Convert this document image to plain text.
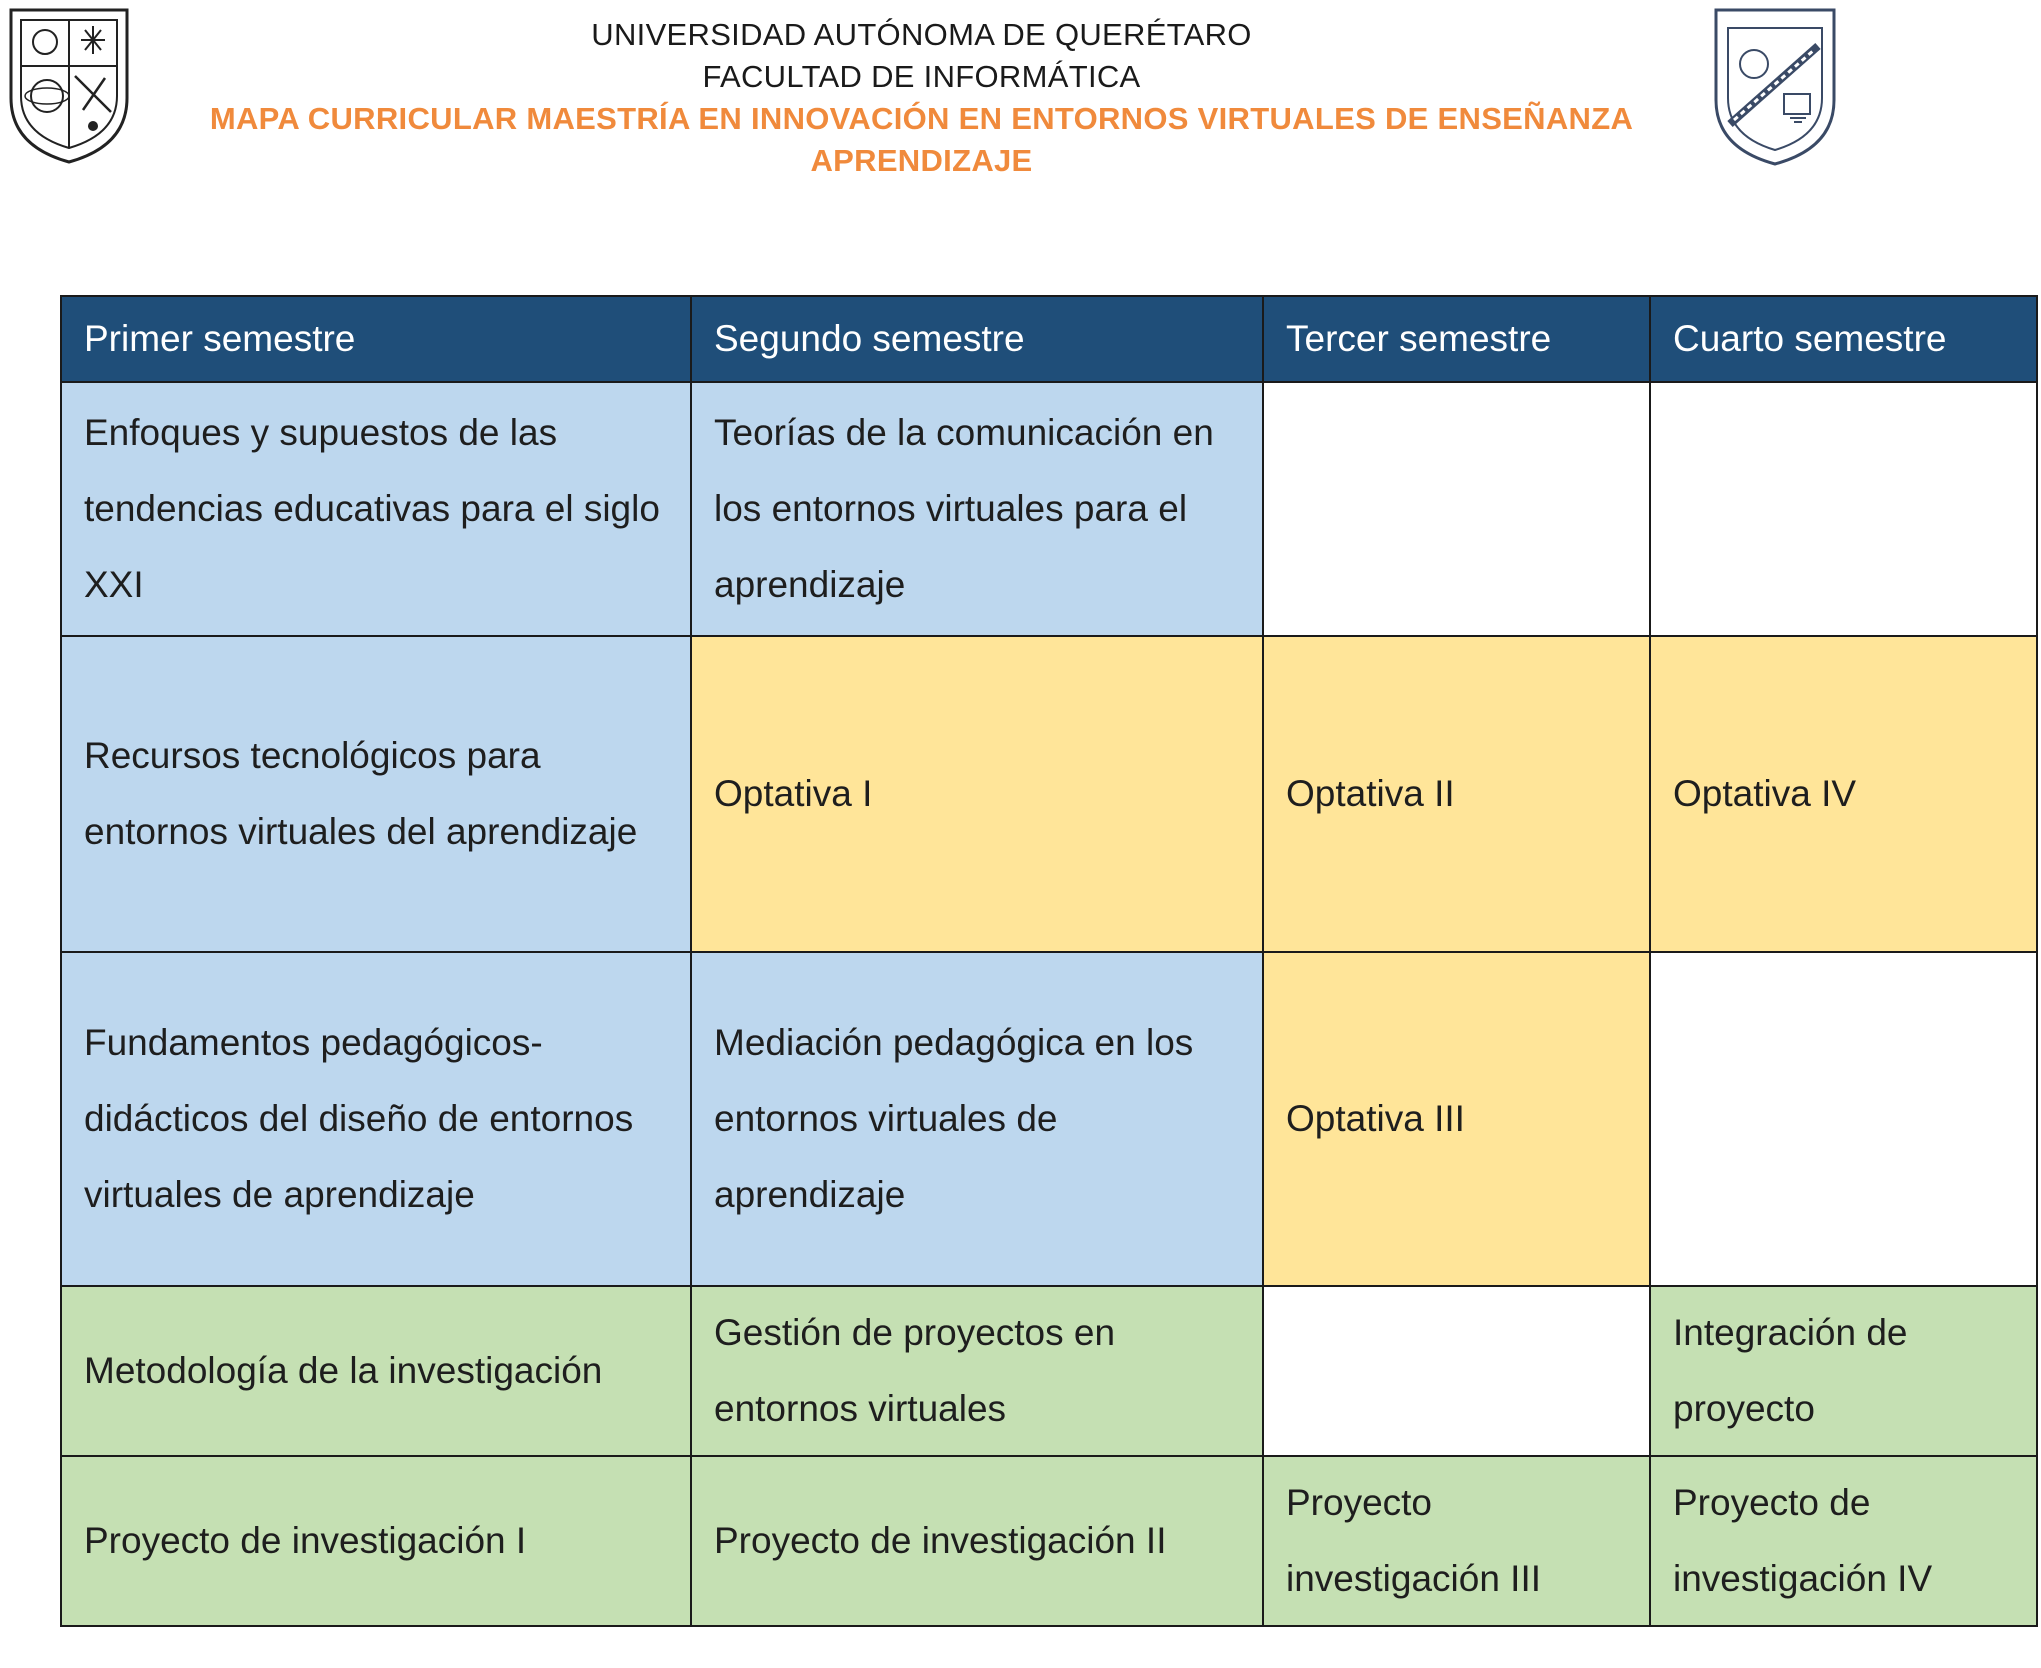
UNIVERSIDAD AUTÓNOMA DE QUERÉTARO
FACULTAD DE INFORMÁTICA
MAPA CURRICULAR MAESTRÍA EN INNOVACIÓN EN ENTORNOS VIRTUALES DE ENSEÑANZA
APRENDIZAJE
Primer semestre	Segundo semestre	Tercer semestre	Cuarto semestre
Enfoques y supuestos de las tendencias educativas para el siglo XXI	Teorías de la comunicación en los entornos virtuales para el aprendizaje		
Recursos tecnológicos para entornos virtuales del aprendizaje	Optativa I	Optativa II	Optativa IV
Fundamentos pedagógicos-didácticos del diseño de entornos virtuales de aprendizaje	Mediación pedagógica en los entornos virtuales de aprendizaje	Optativa III	
Metodología de la investigación	Gestión de proyectos en entornos virtuales		Integración de proyecto
Proyecto de investigación I	Proyecto de investigación II	Proyecto investigación III	Proyecto de investigación IV
